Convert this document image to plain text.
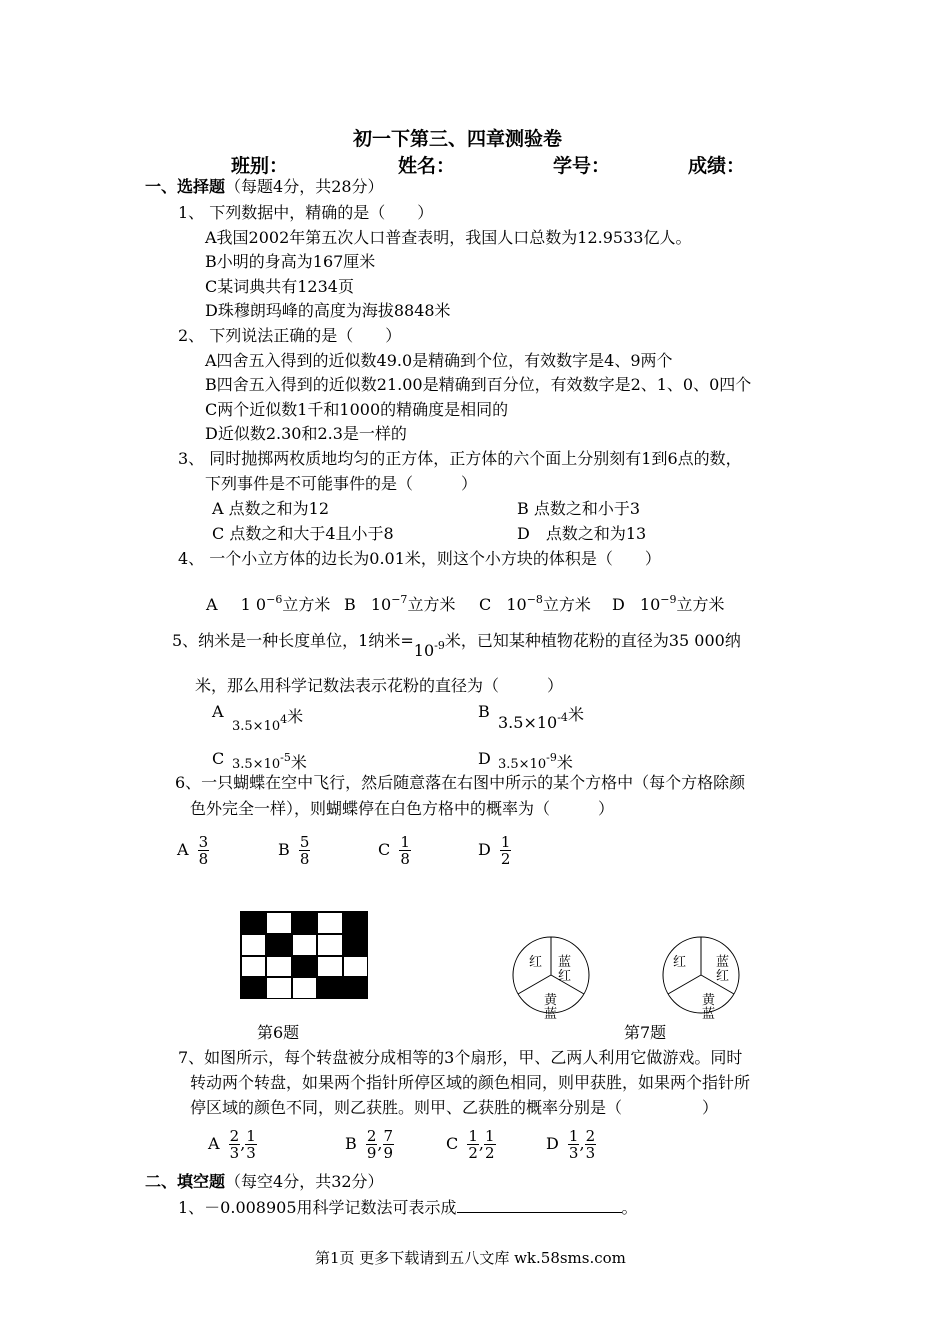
初一下第三、四章测验卷
班别：	姓名：	学号：	成绩：
一、选择题（每题4分，共28分）
1、 下列数据中，精确的是（　　）
A我国2002年第五次人口普查表明，我国人口总数为12.9533亿人。
B小明的身高为167厘米
C某词典共有1234页
D珠穆朗玛峰的高度为海拔8848米
2、 下列说法正确的是（　　）
A四舍五入得到的近似数49.0是精确到个位，有效数字是4、9两个
B四舍五入得到的近似数21.00是精确到百分位，有效数字是2、1、0、0四个
C两个近似数1千和1000的精确度是相同的
D近似数2.30和2.3是一样的
3、 同时抛掷两枚质地均匀的正方体，正方体的六个面上分别刻有1到6点的数，
下列事件是不可能事件的是（　　　）
A 点数之和为12	B 点数之和小于3
C 点数之和大于4且小于8	D　点数之和为13
4、 一个小立方体的边长为0.01米，则这个小方块的体积是（　　）
A 1 $0^{-6}$立方米 B $10^{-7}$立方米 C $10^{-8}$立方米 D $10^{-9}$立方米
5、纳米是一种长度单位，1纳米$=10^{-9}$米，已知某种植物花粉的直径为35 000纳
米，那么用科学记数法表示花粉的直径为（　　　）
A
$3.5\times 10^4$米	B
$3.5\times 10^{-4}$米
C $3.5\times 10^{-5}$米	D $3.5\times 10^{-9}$米
6、一只蝴蝶在空中飞行，然后随意落在右图中所示的某个方格中（每个方格除颜
色外完全一样），则蝴蝶停在白色方格中的概率为（　　　）
A $\frac{3}{8}$	B $\frac{5}{8}$	C $\frac{1}{8}$	D $\frac{1}{2}$
第6题
红 蓝
红
黄
蓝
红 蓝
红
黄
蓝
第7题
7、如图所示，每个转盘被分成相等的3个扇形，甲、乙两人利用它做游戏。同时
转动两个转盘，如果两个指针所停区域的颜色相同，则甲获胜，如果两个指针所
停区域的颜色不同，则乙获胜。则甲、乙获胜的概率分别是（　　　　　）
A $\frac{2}{3}$ , $\frac{1}{3}$	B $\frac{2}{9}$ , $\frac{7}{9}$	C $\frac{1}{2}$ , $\frac{1}{2}$	D $\frac{1}{3}$ , $\frac{2}{3}$
二、填空题（每空4分，共32分）
1、－0.008905用科学记数法可表示成	。
第1页 更多下载请到五八文库 wk.58sms.com
